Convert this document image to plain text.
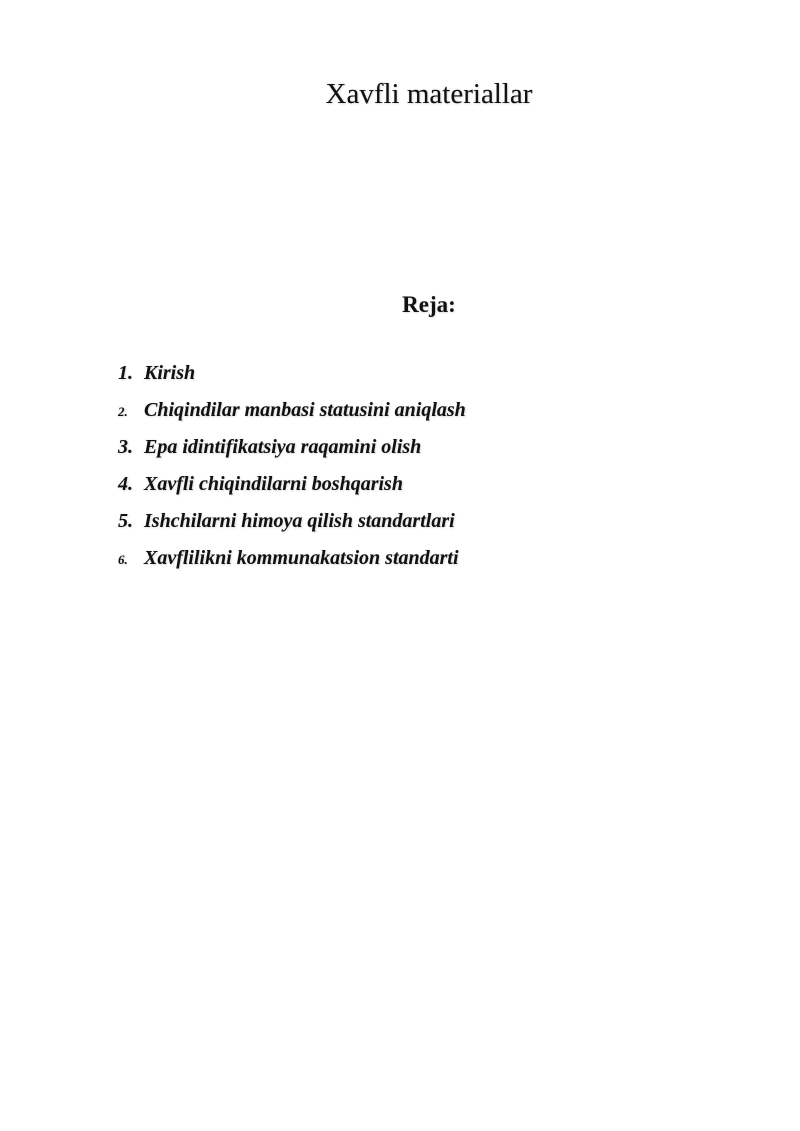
Xavfli materiallar
Reja:
1. Kirish
2. Chiqindilar manbasi statusini aniqlash
3. Epa idintifikatsiya raqamini olish
4. Xavfli chiqindilarni boshqarish
5. Ishchilarni himoya qilish standartlari
6. Xavflilikni kommunakatsion standarti
